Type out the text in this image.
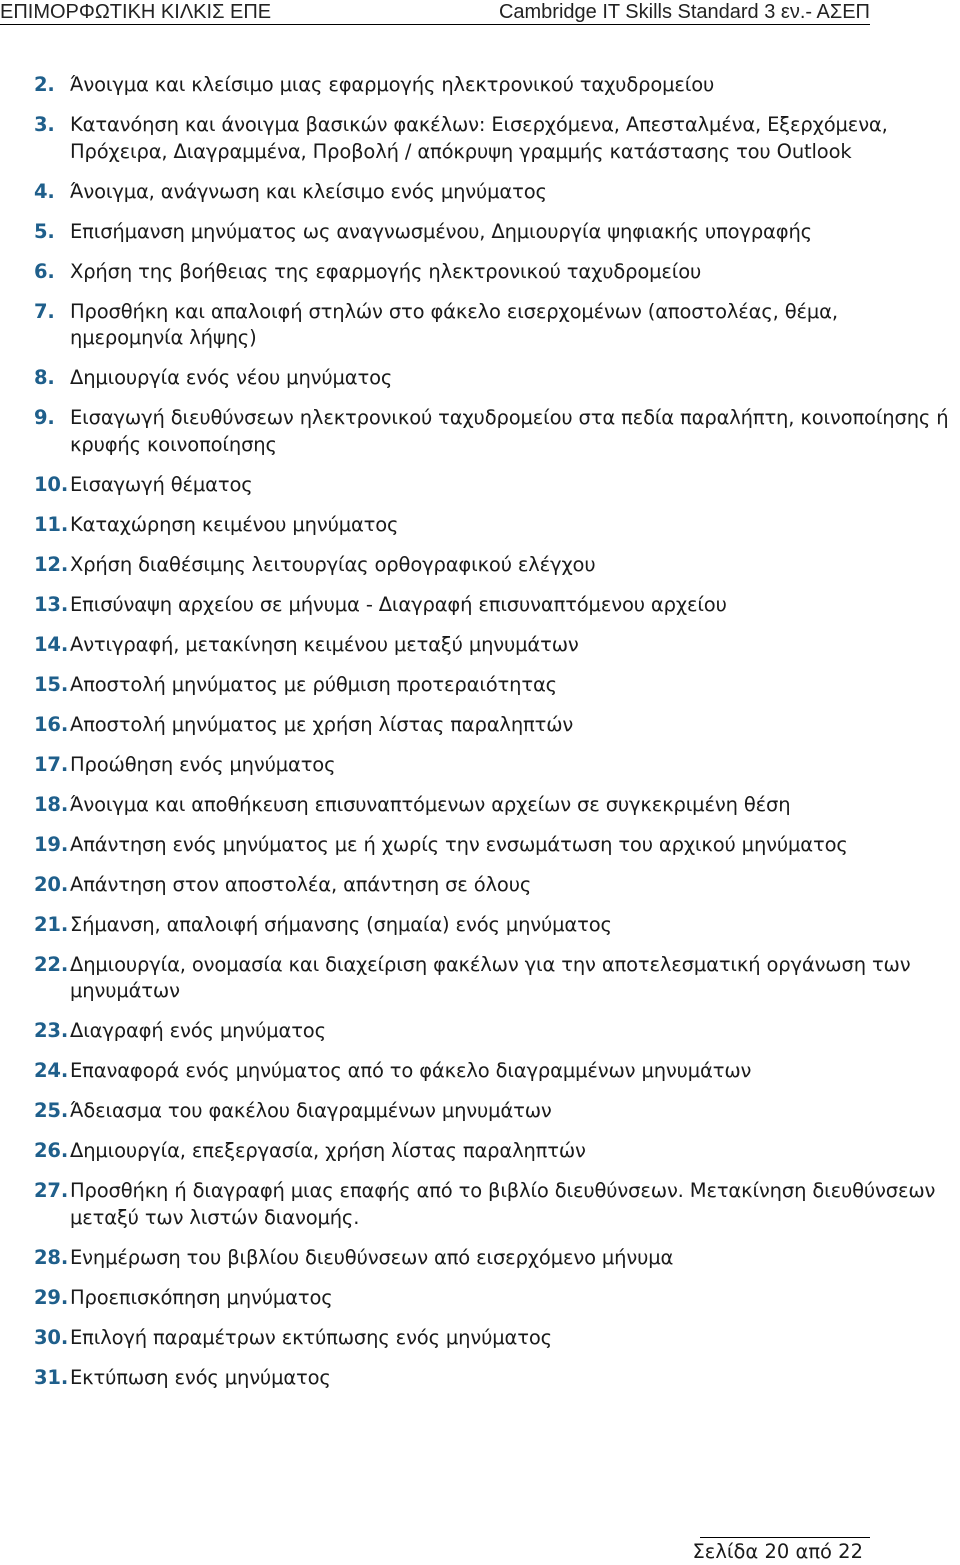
ΕΠΙΜΟΡΦΩΤΙΚΗ ΚΙΛΚΙΣ ΕΠΕ	Cambridge IT Skills Standard 3 εν.- ΑΣΕΠ
2. Άνοιγμα και κλείσιμο μιας εφαρμογής ηλεκτρονικού ταχυδρομείου
3. Κατανόηση και άνοιγμα βασικών φακέλων: Εισερχόμενα, Απεσταλμένα, Εξερχόμενα, Πρόχειρα, Διαγραμμένα, Προβολή / απόκρυψη γραμμής κατάστασης του Outlook
4. Άνοιγμα, ανάγνωση και κλείσιμο ενός μηνύματος
5. Επισήμανση μηνύματος ως αναγνωσμένου, Δημιουργία ψηφιακής υπογραφής
6. Χρήση της βοήθειας της εφαρμογής ηλεκτρονικού ταχυδρομείου
7. Προσθήκη και απαλοιφή στηλών στο φάκελο εισερχομένων (αποστολέας, θέμα, ημερομηνία λήψης)
8. Δημιουργία ενός νέου μηνύματος
9. Εισαγωγή διευθύνσεων ηλεκτρονικού ταχυδρομείου στα πεδία παραλήπτη, κοινοποίησης ή κρυφής κοινοποίησης
10. Εισαγωγή θέματος
11. Καταχώρηση κειμένου μηνύματος
12. Χρήση διαθέσιμης λειτουργίας ορθογραφικού ελέγχου
13. Επισύναψη αρχείου σε μήνυμα - Διαγραφή επισυναπτόμενου αρχείου
14. Αντιγραφή, μετακίνηση κειμένου μεταξύ μηνυμάτων
15. Αποστολή μηνύματος με ρύθμιση προτεραιότητας
16. Αποστολή μηνύματος με χρήση λίστας παραληπτών
17. Προώθηση ενός μηνύματος
18. Άνοιγμα και αποθήκευση επισυναπτόμενων αρχείων σε συγκεκριμένη θέση
19. Απάντηση ενός μηνύματος με ή χωρίς την ενσωμάτωση του αρχικού μηνύματος
20. Απάντηση στον αποστολέα, απάντηση σε όλους
21. Σήμανση, απαλοιφή σήμανσης (σημαία) ενός μηνύματος
22. Δημιουργία, ονομασία και διαχείριση φακέλων για την αποτελεσματική οργάνωση των μηνυμάτων
23. Διαγραφή ενός μηνύματος
24. Επαναφορά ενός μηνύματος από το φάκελο διαγραμμένων μηνυμάτων
25. Άδειασμα του φακέλου διαγραμμένων μηνυμάτων
26. Δημιουργία, επεξεργασία, χρήση λίστας παραληπτών
27. Προσθήκη ή διαγραφή μιας επαφής από το βιβλίο διευθύνσεων. Μετακίνηση διευθύνσεων μεταξύ των λιστών διανομής.
28. Ενημέρωση του βιβλίου διευθύνσεων από εισερχόμενο μήνυμα
29. Προεπισκόπηση μηνύματος
30. Επιλογή παραμέτρων εκτύπωσης ενός μηνύματος
31. Εκτύπωση ενός μηνύματος
Σελίδα 20 από 22
